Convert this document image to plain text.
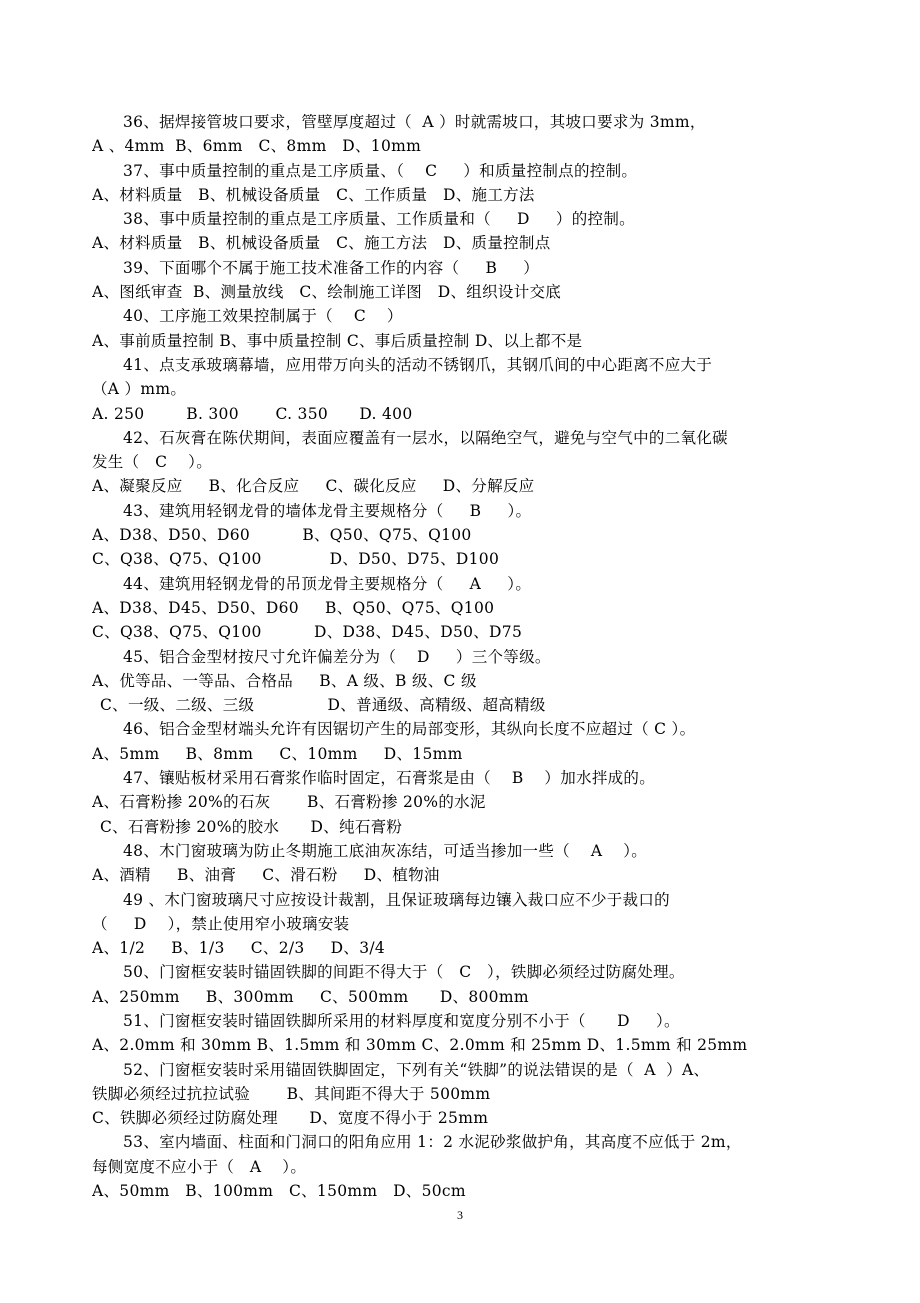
36、据焊接管坡口要求，管壁厚度超过（  A ）时就需坡口，其坡口要求为 3mm，
A 、4mm  B、6mm   C、8mm   D、10mm
37、事中质量控制的重点是工序质量、（    C     ）和质量控制点的控制。
A、材料质量   B、机械设备质量   C、工作质量   D、施工方法
38、事中质量控制的重点是工序质量、工作质量和（     D     ）的控制。
A、材料质量   B、机械设备质量   C、施工方法   D、质量控制点
39、下面哪个不属于施工技术准备工作的内容（     B     ）
A、图纸审查  B、测量放线   C、绘制施工详图   D、组织设计交底
40、工序施工效果控制属于（    C    ）
A、事前质量控制 B、事中质量控制 C、事后质量控制 D、以上都不是
41、点支承玻璃幕墙，应用带万向头的活动不锈钢爪，其钢爪间的中心距离不应大于
（A ）mm。
A. 250        B. 300       C. 350      D. 400
42、石灰膏在陈伏期间，表面应覆盖有一层水，以隔绝空气，避免与空气中的二氧化碳
发生（   C    ）。
A、凝聚反应     B、化合反应     C、碳化反应     D、分解反应
43、建筑用轻钢龙骨的墙体龙骨主要规格分（     B     ）。
A、D38、D50、D60          B、Q50、Q75、Q100
C、Q38、Q75、Q100             D、D50、D75、D100
44、建筑用轻钢龙骨的吊顶龙骨主要规格分（     A     ）。
A、D38、D45、D50、D60     B、Q50、Q75、Q100
C、Q38、Q75、Q100          D、D38、D45、D50、D75
45、铝合金型材按尺寸允许偏差分为（    D     ）三个等级。
A、优等品、一等品、合格品     B、A 级、B 级、C 级
C、一级、二级、三级              D、普通级、高精级、超高精级
46、铝合金型材端头允许有因锯切产生的局部变形，其纵向长度不应超过（ C ）。
A、5mm     B、8mm     C、10mm     D、15mm
47、镶贴板材采用石膏浆作临时固定，石膏浆是由（    B    ）加水拌成的。
A、石膏粉掺 20%的石灰       B、石膏粉掺 20%的水泥
C、石膏粉掺 20%的胶水      D、纯石膏粉
48、木门窗玻璃为防止冬期施工底油灰冻结，可适当掺加一些（    A    ）。
A、酒精     B、油膏     C、滑石粉     D、植物油
49 、木门窗玻璃尺寸应按设计裁割，且保证玻璃每边镶入裁口应不少于裁口的
（     D    ），禁止使用窄小玻璃安装
A、1/2     B、1/3     C、2/3     D、3/4
50、门窗框安装时锚固铁脚的间距不得大于（   C   ），铁脚必须经过防腐处理。
A、250mm     B、300mm     C、500mm      D、800mm
51、门窗框安装时锚固铁脚所采用的材料厚度和宽度分别不小于（      D     ）。
A、2.0mm 和 30mm B、1.5mm 和 30mm C、2.0mm 和 25mm D、1.5mm 和 25mm
52、门窗框安装时采用锚固铁脚固定，下列有关“铁脚”的说法错误的是（  A  ）A、
铁脚必须经过抗拉试验       B、其间距不得大于 500mm
C、铁脚必须经过防腐处理      D、宽度不得小于 25mm
53、室内墙面、柱面和门洞口的阳角应用 1：2 水泥砂浆做护角，其高度不应低于 2m，
每侧宽度不应小于（   A    ）。
A、50mm   B、100mm   C、150mm   D、50cm
3
